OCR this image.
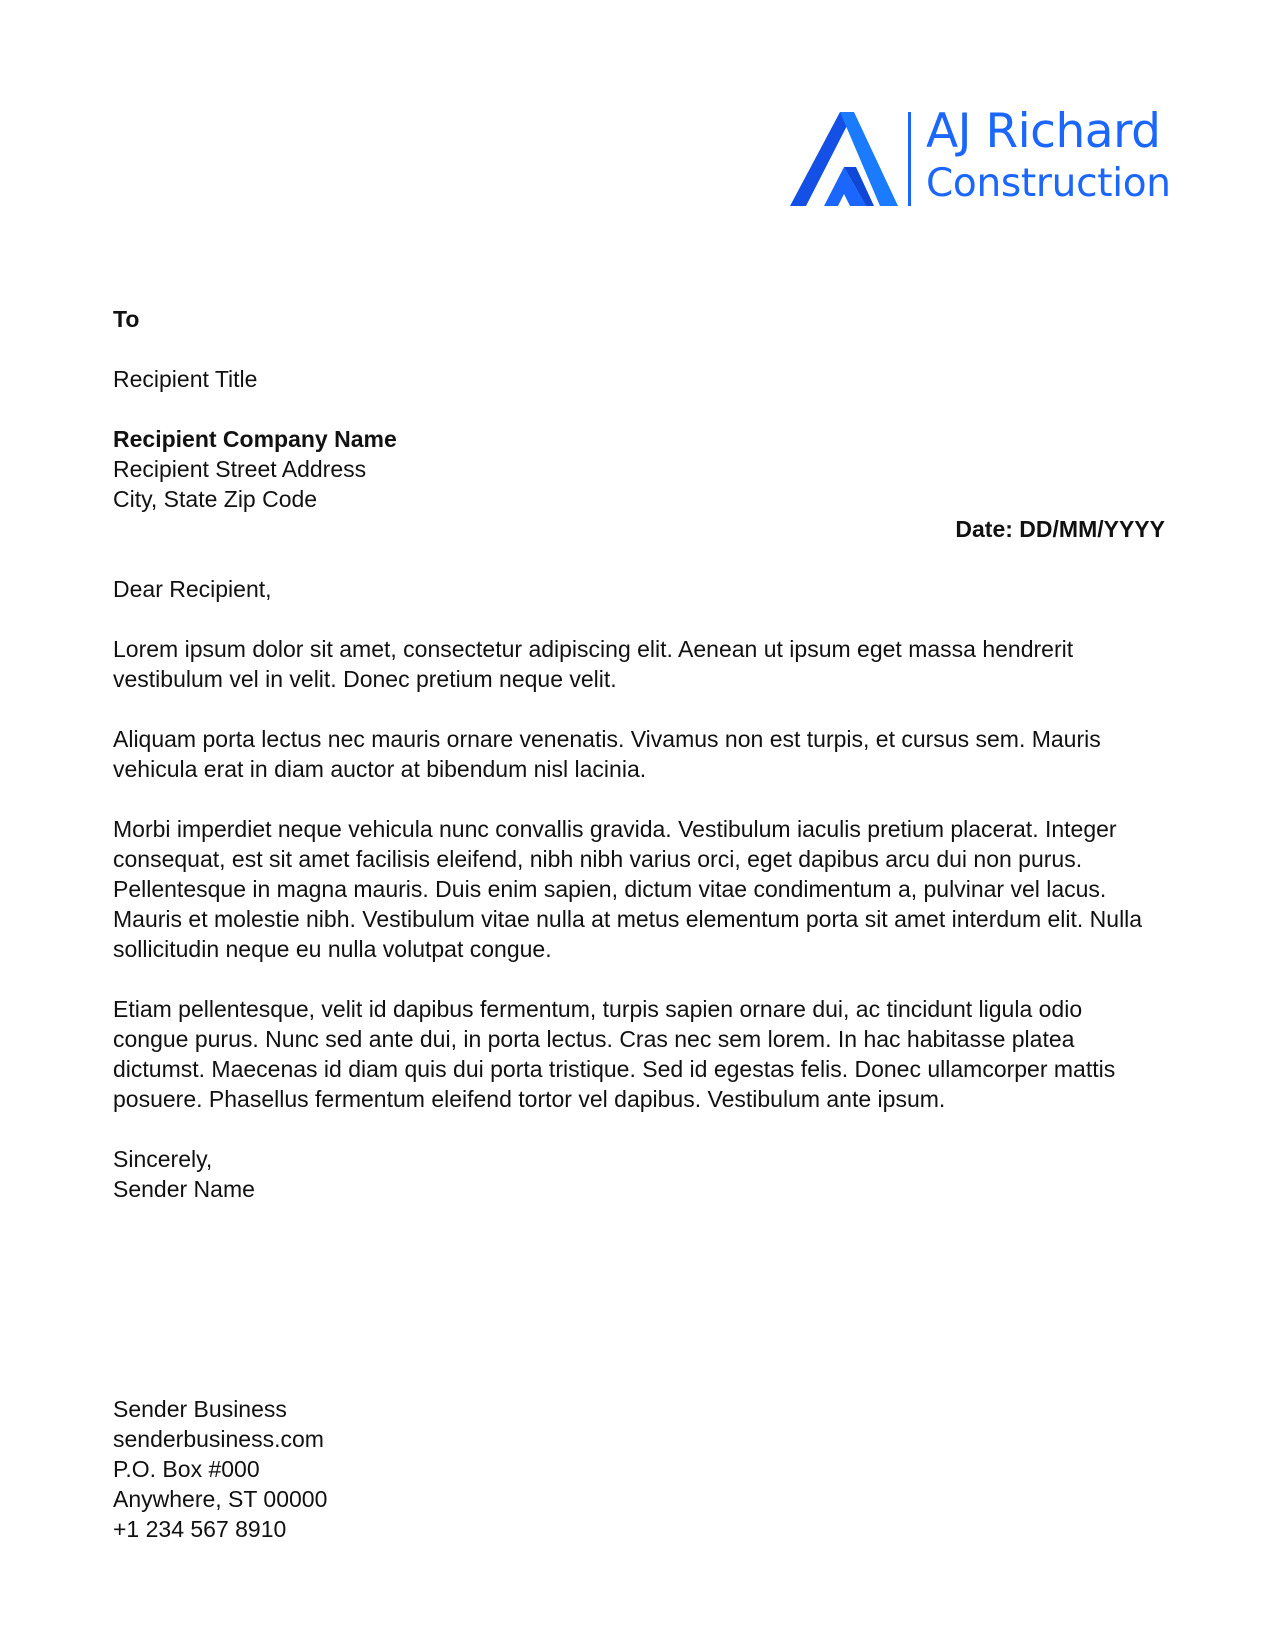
AJ Richard
Construction
To
Recipient Title
Recipient Company Name
Recipient Street Address
City, State Zip Code
Date: DD/MM/YYYY
Dear Recipient,

Lorem ipsum dolor sit amet, consectetur adipiscing elit. Aenean ut ipsum eget massa hendrerit vestibulum vel in velit. Donec pretium neque velit.

Aliquam porta lectus nec mauris ornare venenatis. Vivamus non est turpis, et cursus sem. Mauris vehicula erat in diam auctor at bibendum nisl lacinia.

Morbi imperdiet neque vehicula nunc convallis gravida. Vestibulum iaculis pretium placerat. Integer consequat, est sit amet facilisis eleifend, nibh nibh varius orci, eget dapibus arcu dui non purus. Pellentesque in magna mauris. Duis enim sapien, dictum vitae condimentum a, pulvinar vel lacus. Mauris et molestie nibh. Vestibulum vitae nulla at metus elementum porta sit amet interdum elit. Nulla sollicitudin neque eu nulla volutpat congue.

Etiam pellentesque, velit id dapibus fermentum, turpis sapien ornare dui, ac tincidunt ligula odio congue purus. Nunc sed ante dui, in porta lectus. Cras nec sem lorem. In hac habitasse platea dictumst. Maecenas id diam quis dui porta tristique. Sed id egestas felis. Donec ullamcorper mattis posuere. Phasellus fermentum eleifend tortor vel dapibus. Vestibulum ante ipsum.

Sincerely,
Sender Name
Sender Business
senderbusiness.com
P.O. Box #000
Anywhere, ST 00000
+1 234 567 8910
